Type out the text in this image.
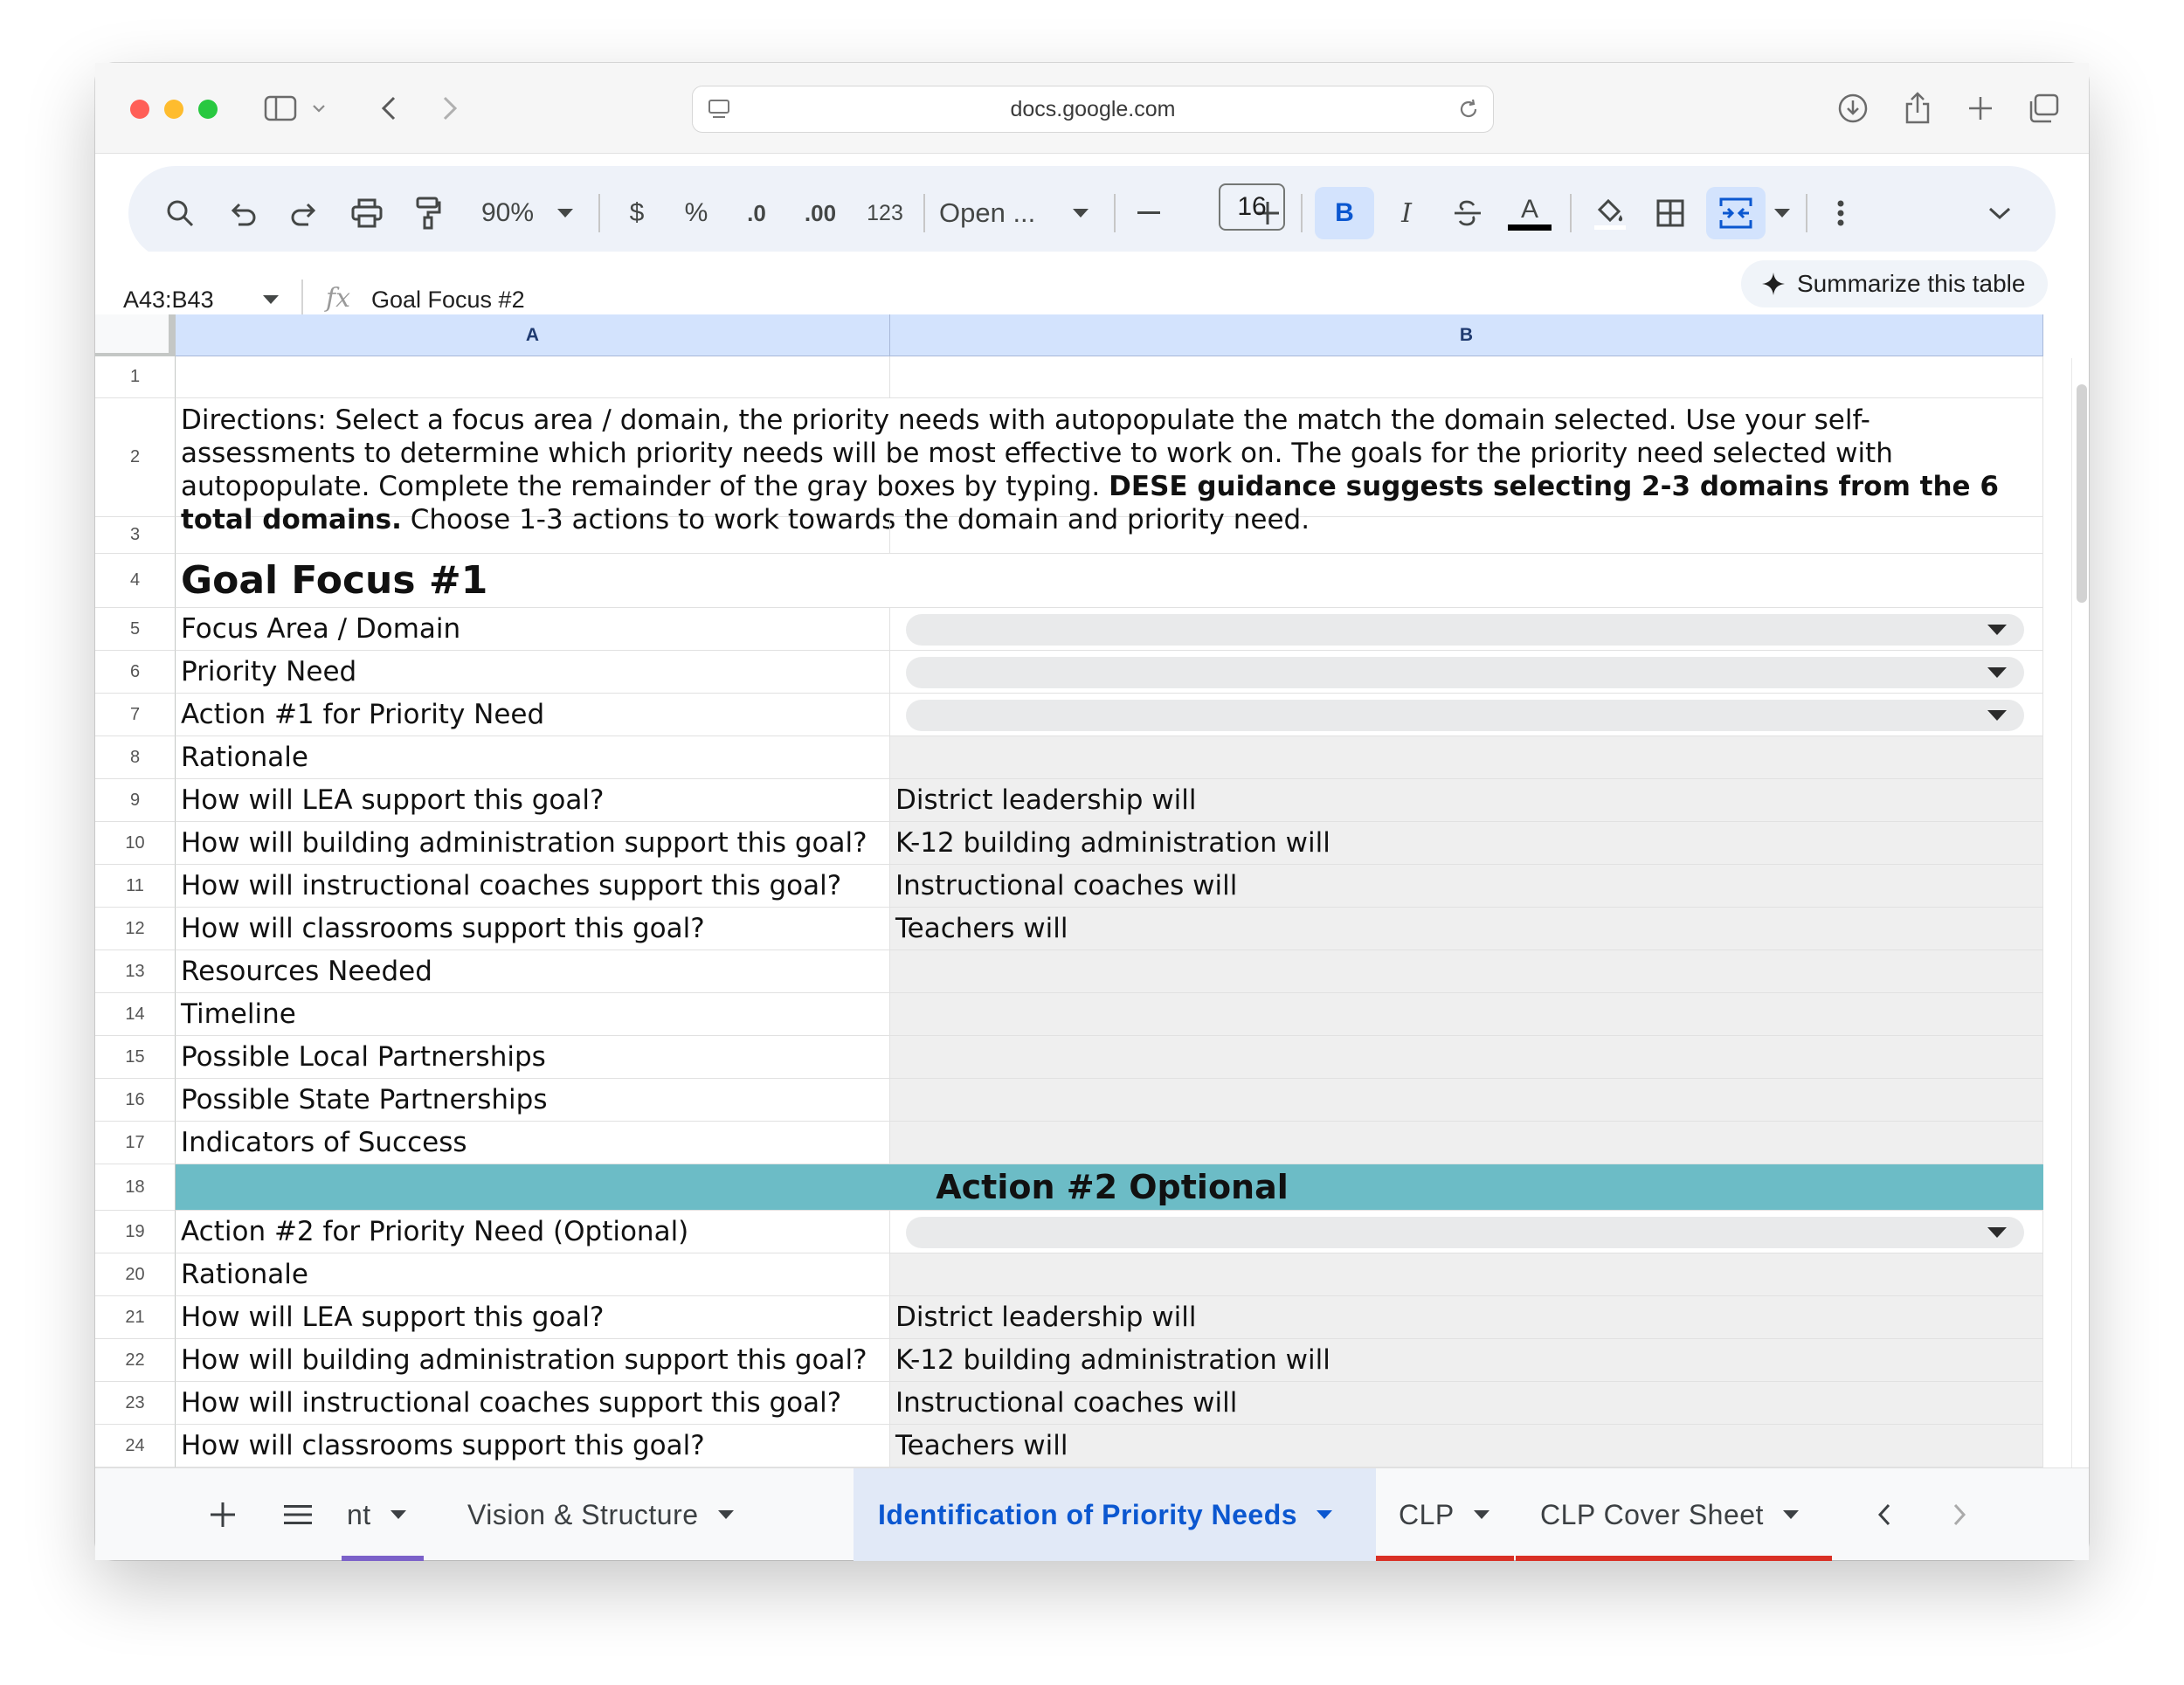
docs.google.com
90%	$	%	.0 .00 123 Open ...	B	I	A
16
A43:B43	fx Goal Focus #2
Summarize this table
A	B
1
2
Directions: Select a focus area / domain, the priority needs with autopopulate the match the domain selected. Use your self-assessments to determine which priority needs will be most effective to work on. The goals for the priority need selected with autopopulate. Complete the remainder of the gray boxes by typing. DESE guidance suggests selecting 2-3 domains from the 6 total domains. Choose 1-3 actions to work towards the domain and priority need.
3
4	Goal Focus #1
5	Focus Area / Domain
6	Priority Need
7	Action #1 for Priority Need
8	Rationale
9	How will LEA support this goal?	District leadership will
10	How will building administration support this goal?	K-12 building administration will
11	How will instructional coaches support this goal?	Instructional coaches will
12	How will classrooms support this goal?	Teachers will
13	Resources Needed
14	Timeline
15	Possible Local Partnerships
16	Possible State Partnerships
17	Indicators of Success
18	Action #2 Optional
19	Action #2 for Priority Need (Optional)
20	Rationale
21	How will LEA support this goal?	District leadership will
22	How will building administration support this goal?	K-12 building administration will
23	How will instructional coaches support this goal?	Instructional coaches will
24	How will classrooms support this goal?	Teachers will
nt	Vision & Structure	Identification of Priority Needs	CLP	CLP Cover Sheet
